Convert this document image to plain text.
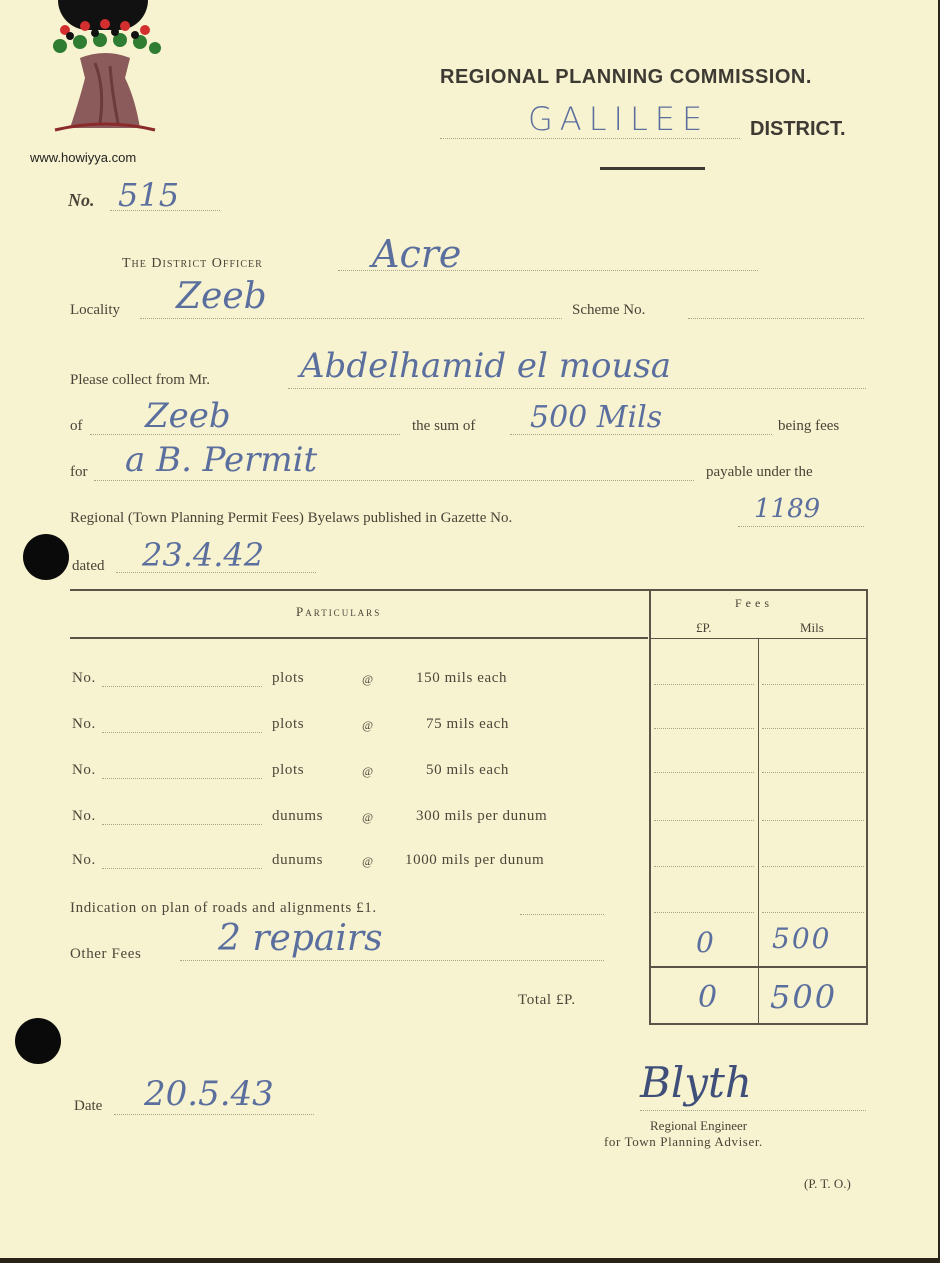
www.howiyya.com
REGIONAL PLANNING COMMISSION.
GALILEE DISTRICT.
No. 515
The District Officer	Acre
Locality Zeeb	Scheme No.
Please collect from Mr.	Abdelhamid el mousa
of Zeeb	the sum of 500 Mils	being fees
for a B. Permit	payable under the
Regional (Town Planning Permit Fees) Byelaws published in Gazette No.	1189
dated 23.4.42
Particulars
Fees
£P.	Mils
No.	plots	@	150 mils each
No.	plots	@	75 mils each
No.	plots	@	50 mils each
No.	dunums	@	300 mils per dunum
No.	dunums	@ 1000 mils per dunum
Indication on plan of roads and alignments £1.
Other Fees 2 repairs	0 500
Total £P.	0 500
Date 20.5.43	Blyth
Regional Engineer
for Town Planning Adviser.
(P. T. O.)
